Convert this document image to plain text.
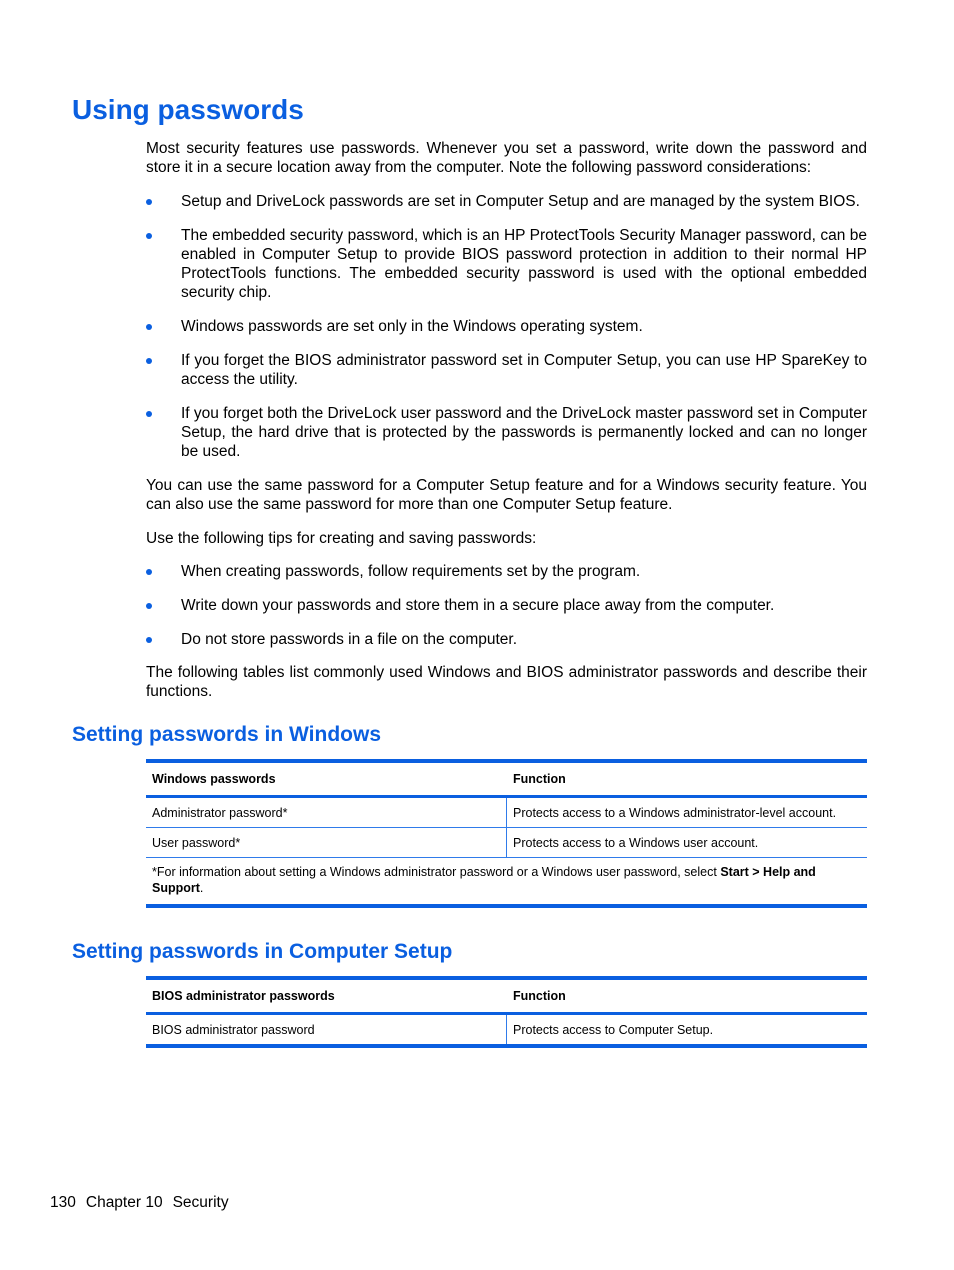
Using passwords

Most security features use passwords. Whenever you set a password, write down the password and store it in a secure location away from the computer. Note the following password considerations:

Setup and DriveLock passwords are set in Computer Setup and are managed by the system BIOS.
The embedded security password, which is an HP ProtectTools Security Manager password, can be enabled in Computer Setup to provide BIOS password protection in addition to their normal HP ProtectTools functions. The embedded security password is used with the optional embedded security chip.
Windows passwords are set only in the Windows operating system.
If you forget the BIOS administrator password set in Computer Setup, you can use HP SpareKey to access the utility.
If you forget both the DriveLock user password and the DriveLock master password set in Computer Setup, the hard drive that is protected by the passwords is permanently locked and can no longer be used.

You can use the same password for a Computer Setup feature and for a Windows security feature. You can also use the same password for more than one Computer Setup feature.

Use the following tips for creating and saving passwords:

When creating passwords, follow requirements set by the program.
Write down your passwords and store them in a secure place away from the computer.
Do not store passwords in a file on the computer.

The following tables list commonly used Windows and BIOS administrator passwords and describe their functions.

Setting passwords in Windows
Windows passwords	Function
Administrator password*	Protects access to a Windows administrator-level account.
User password*	Protects access to a Windows user account.
*For information about setting a Windows administrator password or a Windows user password, select Start > Help and Support.	
Setting passwords in Computer Setup
BIOS administrator passwords	Function
BIOS administrator password	Protects access to Computer Setup.
130 Chapter 10 Security
